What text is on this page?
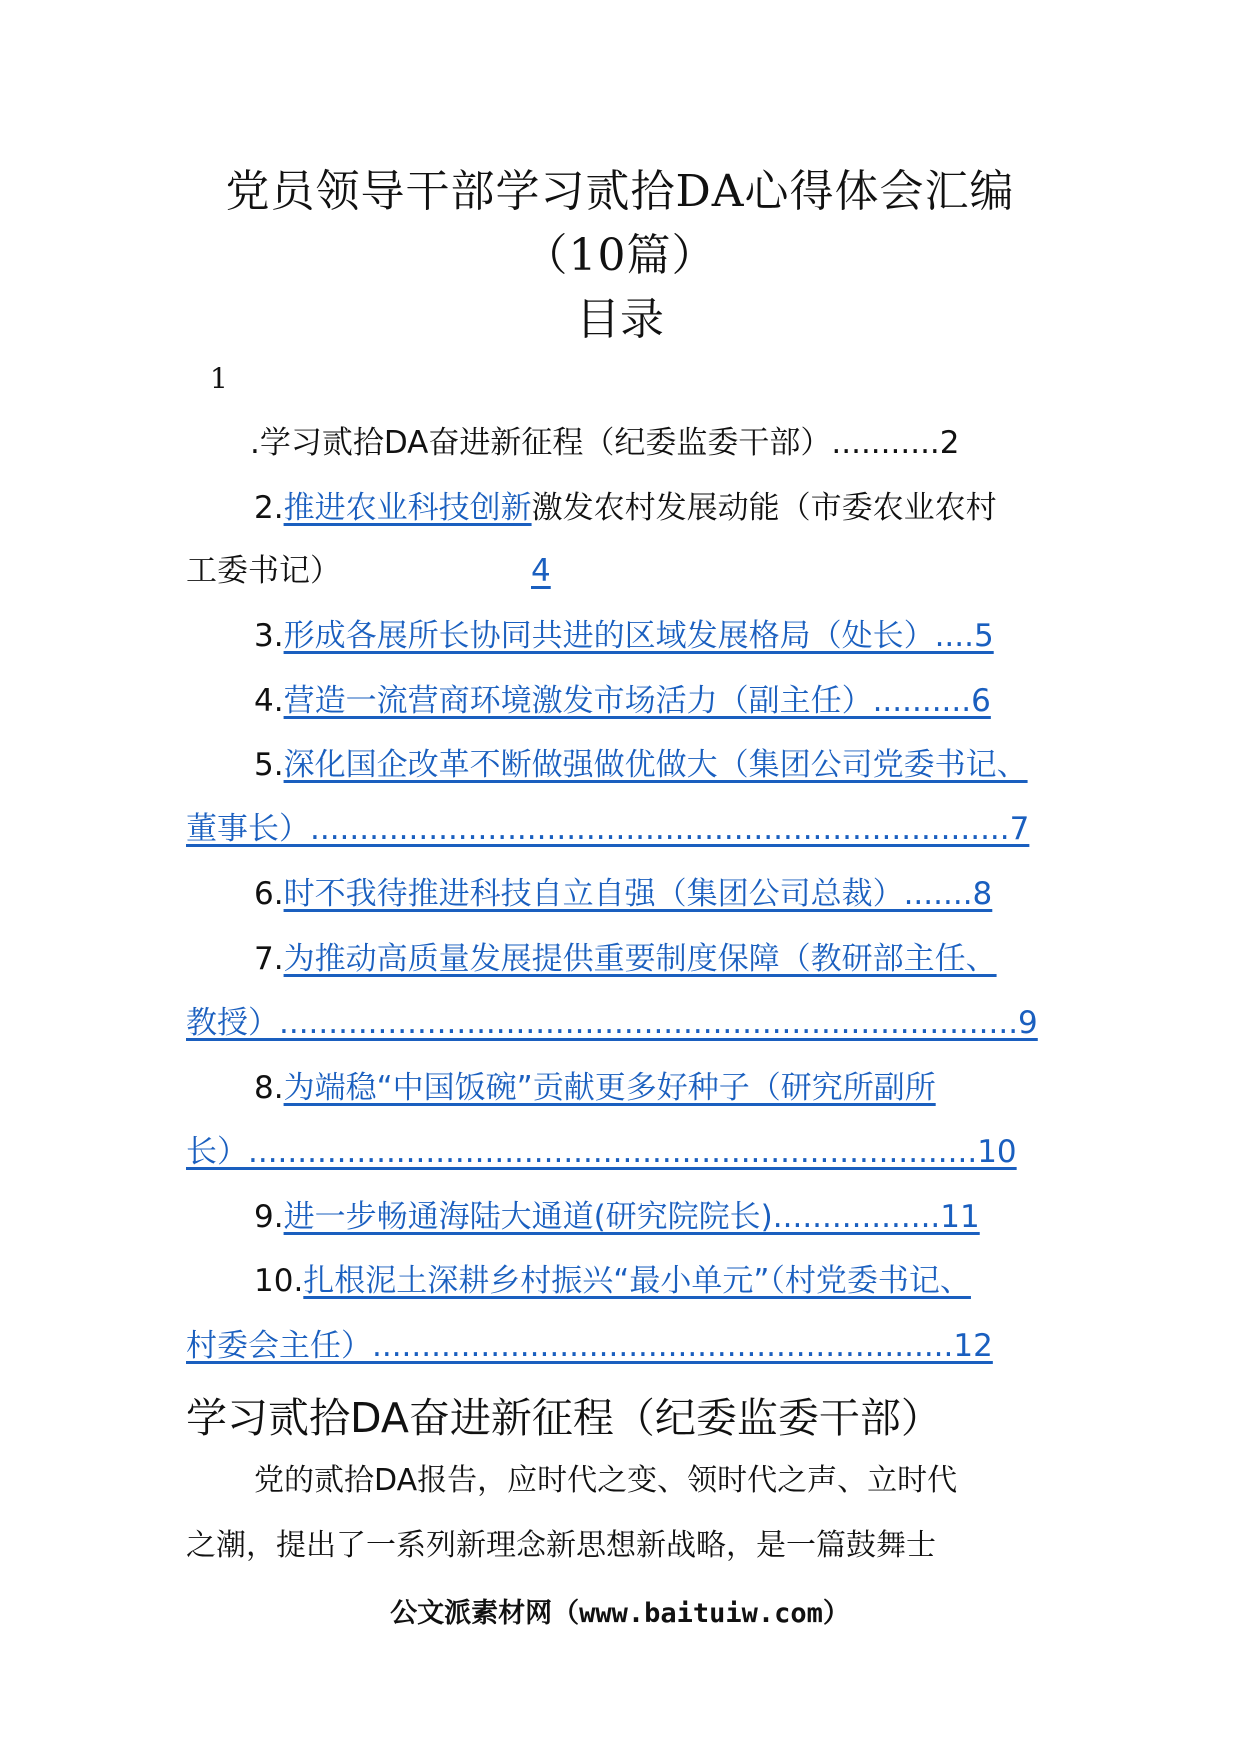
党员领导干部学习贰拾DA心得体会汇编
（10篇）
目录
1
.学习贰拾DA奋进新征程（纪委监委干部）...........2
2.推进农业科技创新激发农村发展动能（市委农业农村
工委书记）	4
3.形成各展所长协同共进的区域发展格局（处长）....5
4.营造一流营商环境激发市场活力（副主任）..........6
5.深化国企改革不断做强做优做大（集团公司党委书记、
董事长）.......................................................................7
6.时不我待推进科技自立自强（集团公司总裁）.......8
7.为推动高质量发展提供重要制度保障（教研部主任、
教授）...........................................................................9
8.为端稳“中国饭碗”贡献更多好种子（研究所副所
长）..........................................................................10
9.进一步畅通海陆大通道(研究院院长).................11
10.扎根泥土深耕乡村振兴“最小单元”（村党委书记、
村委会主任）...........................................................12
学习贰拾DA奋进新征程（纪委监委干部）
党的贰拾DA报告，应时代之变、领时代之声、立时代
之潮，提出了一系列新理念新思想新战略，是一篇鼓舞士
公文派素材网（www.baituiw.com）
